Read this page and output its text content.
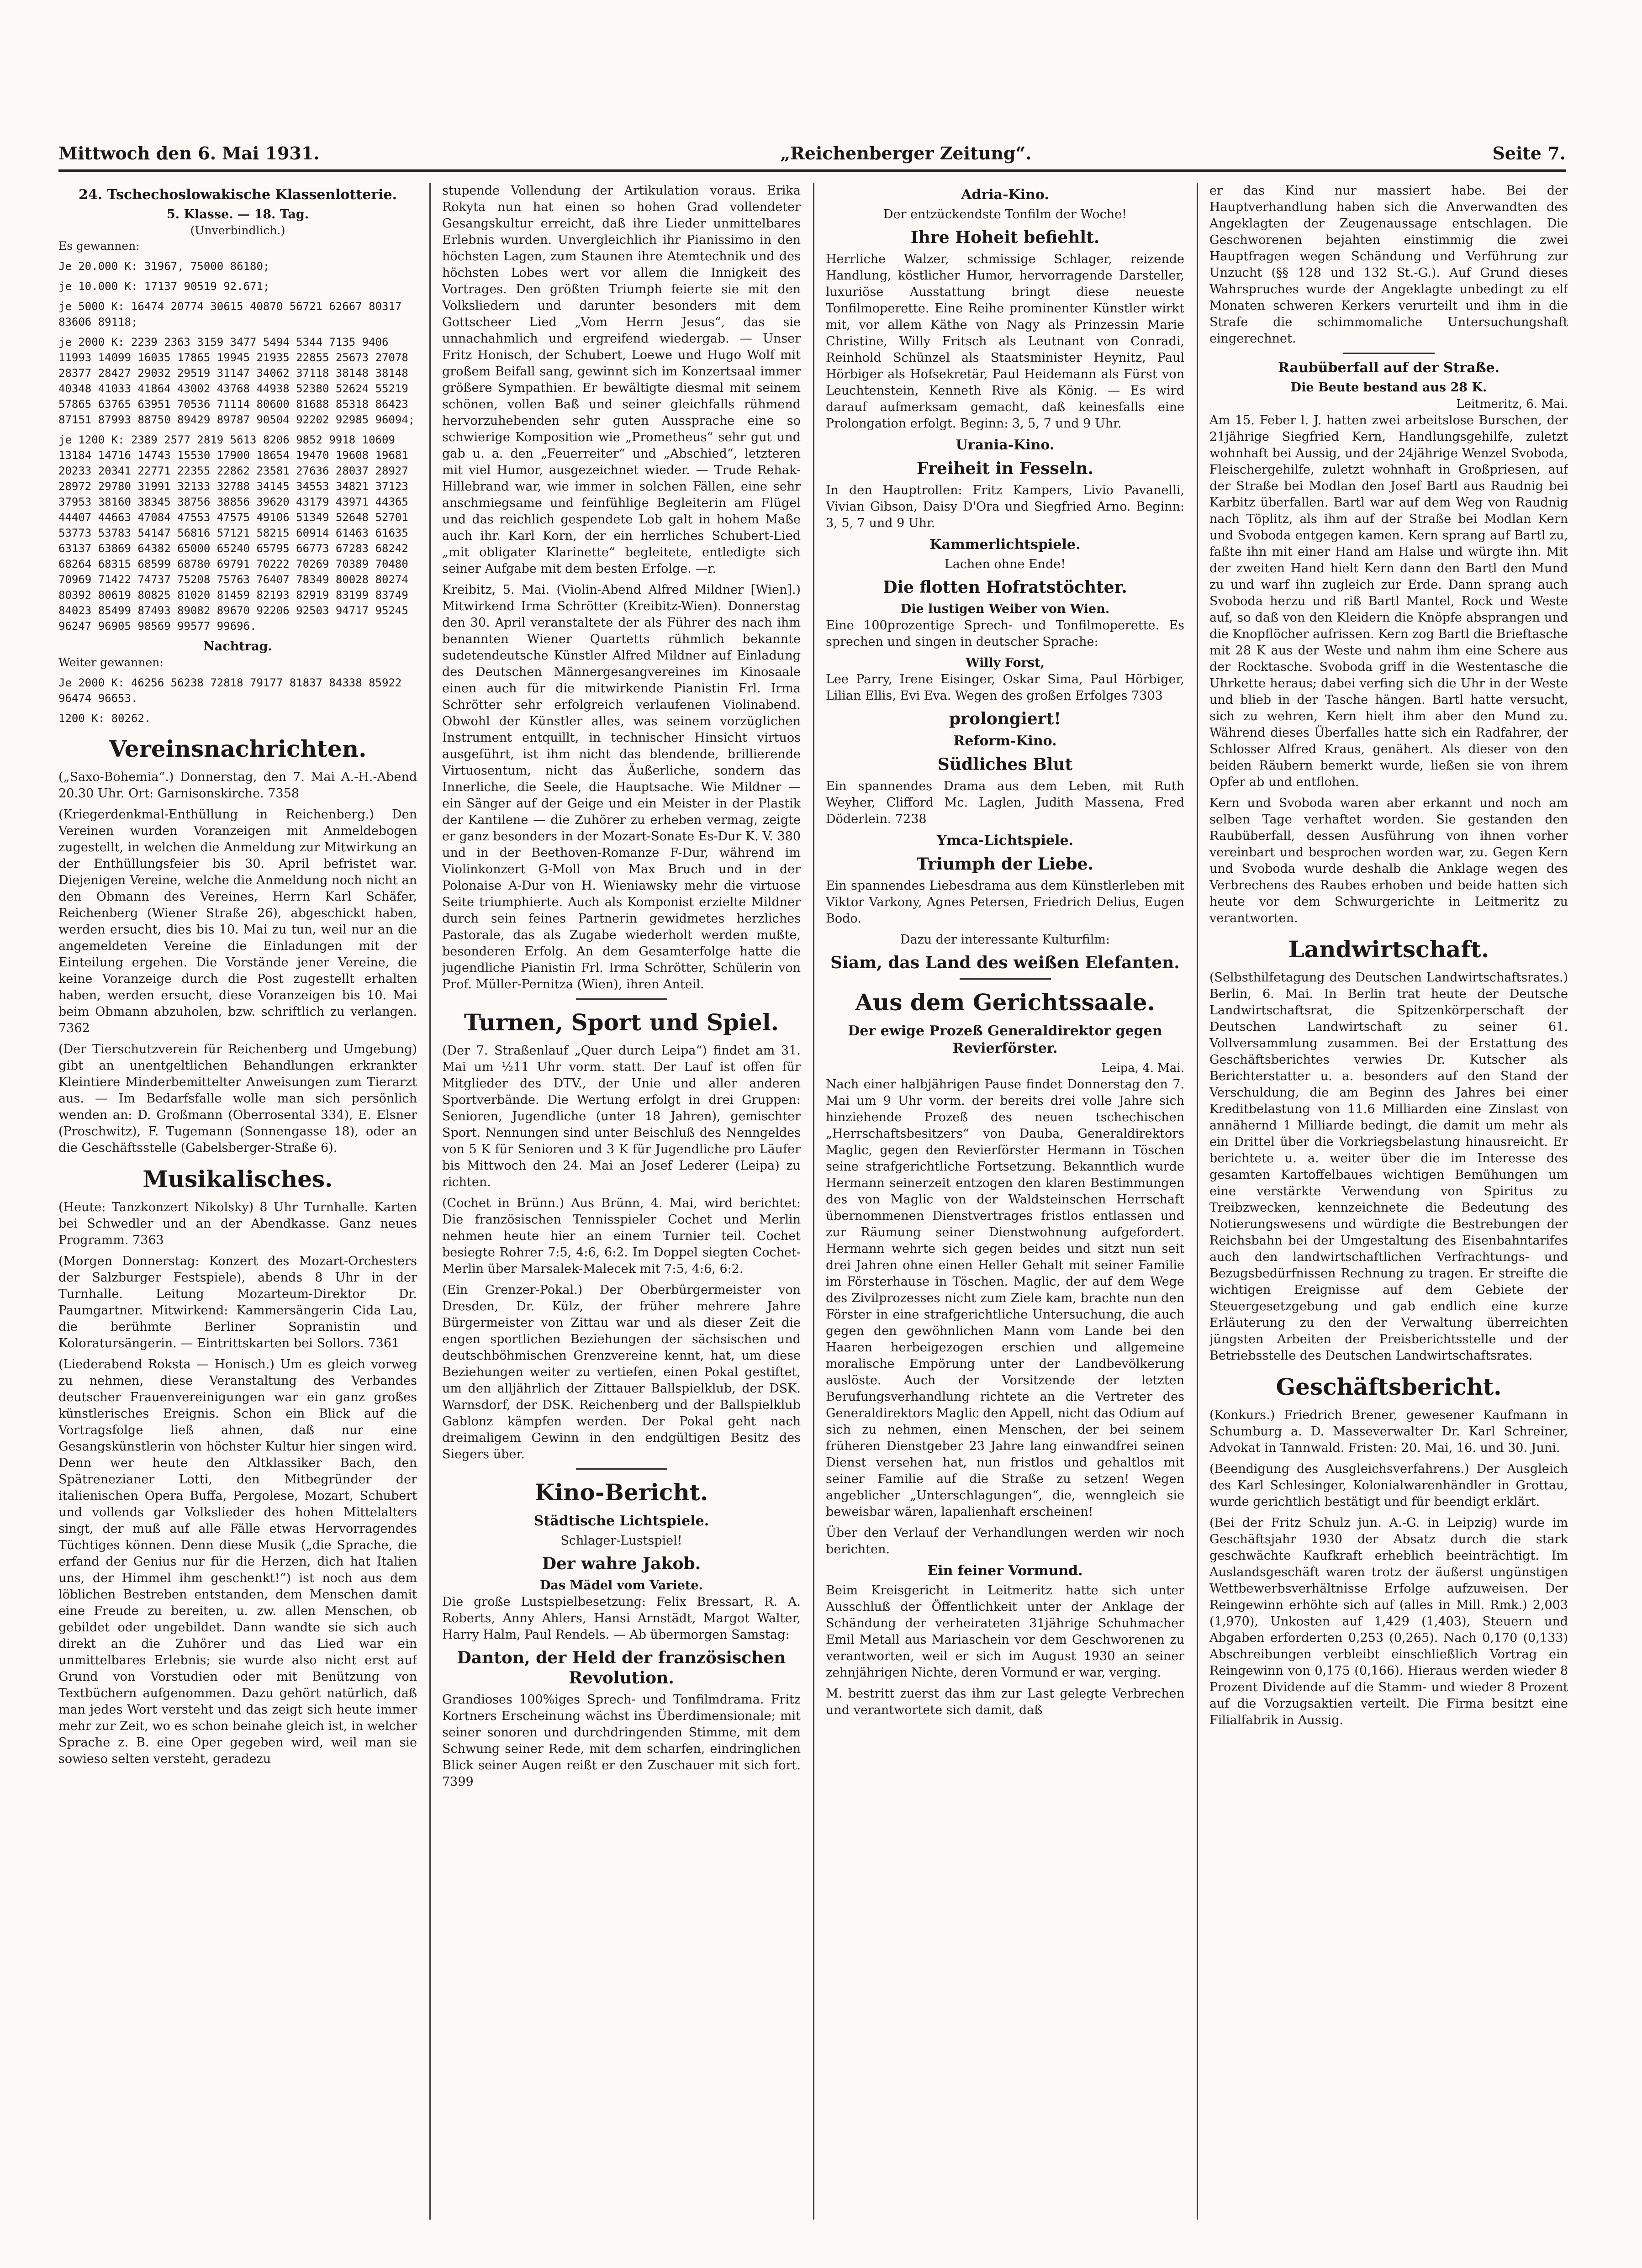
Mittwoch den 6. Mai 1931.	„Reichenberger Zeitung“.	Seite 7.
24. Tschechoslowakische Klassenlotterie.
5. Klasse. — 18. Tag.
(Unverbindlich.)

Es gewannen:

Je 20.000 K: 31967, 75000 86180;

je 10.000 K: 17137 90519 92.671;

je 5000 K: 16474 20774 30615 40870 56721 62667 80317 83606 89118;

je 2000 K: 2239 2363 3159 3477 5494 5344 7135 9406 11993 14099 16035 17865 19945 21935 22855 25673 27078 28377 28427 29032 29519 31147 34062 37118 38148 38148 40348 41033 41864 43002 43768 44938 52380 52624 55219 57865 63765 63951 70536 71114 80600 81688 85318 86423 87151 87993 88750 89429 89787 90504 92202 92985 96094;

je 1200 K: 2389 2577 2819 5613 8206 9852 9918 10609 13184 14716 14743 15530 17900 18654 19470 19608 19681 20233 20341 22771 22355 22862 23581 27636 28037 28927 28972 29780 31991 32133 32788 34145 34553 34821 37123 37953 38160 38345 38756 38856 39620 43179 43971 44365 44407 44663 47084 47553 47575 49106 51349 52648 52701 53773 53783 54147 56816 57121 58215 60914 61463 61635 63137 63869 64382 65000 65240 65795 66773 67283 68242 68264 68315 68599 68780 69791 70222 70269 70389 70480 70969 71422 74737 75208 75763 76407 78349 80028 80274 80392 80619 80825 81020 81459 82193 82919 83199 83749 84023 85499 87493 89082 89670 92206 92503 94717 95245 96247 96905 98569 99577 99696.

Nachtrag.

Weiter gewannen:

Je 2000 K: 46256 56238 72818 79177 81837 84338 85922 96474 96653.

1200 K: 80262.

Vereinsnachrichten.

(„Saxo-Bohemia“.) Donnerstag, den 7. Mai A.-H.-Abend 20.30 Uhr. Ort: Garnisonskirche. 7358

(Kriegerdenkmal-Enthüllung in Reichenberg.) Den Vereinen wurden Voranzeigen mit Anmeldebogen zugestellt, in welchen die Anmeldung zur Mitwirkung an der Enthüllungsfeier bis 30. April befristet war. Diejenigen Vereine, welche die Anmeldung noch nicht an den Obmann des Vereines, Herrn Karl Schäfer, Reichenberg (Wiener Straße 26), abgeschickt haben, werden ersucht, dies bis 10. Mai zu tun, weil nur an die angemeldeten Vereine die Einladungen mit der Einteilung ergehen. Die Vorstände jener Vereine, die keine Voranzeige durch die Post zugestellt erhalten haben, werden ersucht, diese Voranzeigen bis 10. Mai beim Obmann abzuholen, bzw. schriftlich zu verlangen. 7362

(Der Tierschutzverein für Reichenberg und Umgebung) gibt an unentgeltlichen Behandlungen erkrankter Kleintiere Minderbemittelter Anweisungen zum Tierarzt aus. — Im Bedarfsfalle wolle man sich persönlich wenden an: D. Großmann (Oberrosental 334), E. Elsner (Proschwitz), F. Tugemann (Sonnengasse 18), oder an die Geschäftsstelle (Gabelsberger-Straße 6).

Musikalisches.

(Heute: Tanzkonzert Nikolsky) 8 Uhr Turnhalle. Karten bei Schwedler und an der Abendkasse. Ganz neues Programm. 7363

(Morgen Donnerstag: Konzert des Mozart-Orchesters der Salzburger Festspiele), abends 8 Uhr in der Turnhalle. Leitung Mozarteum-Direktor Dr. Paumgartner. Mitwirkend: Kammersängerin Cida Lau, die berühmte Berliner Sopranistin und Koloratursängerin. — Eintrittskarten bei Sollors. 7361

(Liederabend Roksta — Honisch.) Um es gleich vorweg zu nehmen, diese Veranstaltung des Verbandes deutscher Frauenvereinigungen war ein ganz großes künstlerisches Ereignis. Schon ein Blick auf die Vortragsfolge ließ ahnen, daß nur eine Gesangskünstlerin von höchster Kultur hier singen wird. Denn wer heute den Altklassiker Bach, den Spätrenezianer Lotti, den Mitbegründer der italienischen Opera Buffa, Pergolese, Mozart, Schubert und vollends gar Volkslieder des hohen Mittelalters singt, der muß auf alle Fälle etwas Hervorragendes Tüchtiges können. Denn diese Musik („die Sprache, die erfand der Genius nur für die Herzen, dich hat Italien uns, der Himmel ihm geschenkt!“) ist noch aus dem löblichen Bestreben entstanden, dem Menschen damit eine Freude zu bereiten, u. zw. allen Menschen, ob gebildet oder ungebildet. Dann wandte sie sich auch direkt an die Zuhörer und das Lied war ein unmittelbares Erlebnis; sie wurde also nicht erst auf Grund von Vorstudien oder mit Benützung von Textbüchern aufgenommen. Dazu gehört natürlich, daß man jedes Wort versteht und das zeigt sich heute immer mehr zur Zeit, wo es schon beinahe gleich ist, in welcher Sprache z. B. eine Oper gegeben wird, weil man sie sowieso selten versteht, geradezu

stupende Vollendung der Artikulation voraus. Erika Rokyta nun hat einen so hohen Grad vollendeter Gesangskultur erreicht, daß ihre Lieder unmittelbares Erlebnis wurden. Unvergleichlich ihr Pianissimo in den höchsten Lagen, zum Staunen ihre Atemtechnik und des höchsten Lobes wert vor allem die Innigkeit des Vortrages. Den größten Triumph feierte sie mit den Volksliedern und darunter besonders mit dem Gottscheer Lied „Vom Herrn Jesus“, das sie unnachahmlich und ergreifend wiedergab. — Unser Fritz Honisch, der Schubert, Loewe und Hugo Wolf mit großem Beifall sang, gewinnt sich im Konzertsaal immer größere Sympathien. Er bewältigte diesmal mit seinem schönen, vollen Baß und seiner gleichfalls rühmend hervorzuhebenden sehr guten Aussprache eine so schwierige Komposition wie „Prometheus“ sehr gut und gab u. a. den „Feuerreiter“ und „Abschied“, letzteren mit viel Humor, ausgezeichnet wieder. — Trude Rehak-Hillebrand war, wie immer in solchen Fällen, eine sehr anschmiegsame und feinfühlige Begleiterin am Flügel und das reichlich gespendete Lob galt in hohem Maße auch ihr. Karl Korn, der ein herrliches Schubert-Lied „mit obligater Klarinette“ begleitete, entledigte sich seiner Aufgabe mit dem besten Erfolge. —r.

Kreibitz, 5. Mai. (Violin-Abend Alfred Mildner [Wien].) Mitwirkend Irma Schrötter (Kreibitz-Wien). Donnerstag den 30. April veranstaltete der als Führer des nach ihm benannten Wiener Quartetts rühmlich bekannte sudetendeutsche Künstler Alfred Mildner auf Einladung des Deutschen Männergesangvereines im Kinosaale einen auch für die mitwirkende Pianistin Frl. Irma Schrötter sehr erfolgreich verlaufenen Violinabend. Obwohl der Künstler alles, was seinem vorzüglichen Instrument entquillt, in technischer Hinsicht virtuos ausgeführt, ist ihm nicht das blendende, brillierende Virtuosentum, nicht das Äußerliche, sondern das Innerliche, die Seele, die Hauptsache. Wie Mildner — ein Sänger auf der Geige und ein Meister in der Plastik der Kantilene — die Zuhörer zu erheben vermag, zeigte er ganz besonders in der Mozart-Sonate Es-Dur K. V. 380 und in der Beethoven-Romanze F-Dur, während im Violinkonzert G-Moll von Max Bruch und in der Polonaise A-Dur von H. Wieniawsky mehr die virtuose Seite triumphierte. Auch als Komponist erzielte Mildner durch sein feines Partnerin gewidmetes herzliches Pastorale, das als Zugabe wiederholt werden mußte, besonderen Erfolg. An dem Gesamterfolge hatte die jugendliche Pianistin Frl. Irma Schrötter, Schülerin von Prof. Müller-Pernitza (Wien), ihren Anteil.

Turnen, Sport und Spiel.

(Der 7. Straßenlauf „Quer durch Leipa“) findet am 31. Mai um ½11 Uhr vorm. statt. Der Lauf ist offen für Mitglieder des DTV., der Unie und aller anderen Sportverbände. Die Wertung erfolgt in drei Gruppen: Senioren, Jugendliche (unter 18 Jahren), gemischter Sport. Nennungen sind unter Beischluß des Nenngeldes von 5 K für Senioren und 3 K für Jugendliche pro Läufer bis Mittwoch den 24. Mai an Josef Lederer (Leipa) zu richten.

(Cochet in Brünn.) Aus Brünn, 4. Mai, wird berichtet: Die französischen Tennisspieler Cochet und Merlin nehmen heute hier an einem Turnier teil. Cochet besiegte Rohrer 7:5, 4:6, 6:2. Im Doppel siegten Cochet-Merlin über Marsalek-Malecek mit 7:5, 4:6, 6:2.

(Ein Grenzer-Pokal.) Der Oberbürgermeister von Dresden, Dr. Külz, der früher mehrere Jahre Bürgermeister von Zittau war und als dieser Zeit die engen sportlichen Beziehungen der sächsischen und deutschböhmischen Grenzvereine kennt, hat, um diese Beziehungen weiter zu vertiefen, einen Pokal gestiftet, um den alljährlich der Zittauer Ballspielklub, der DSK. Warnsdorf, der DSK. Reichenberg und der Ballspielklub Gablonz kämpfen werden. Der Pokal geht nach dreimaligem Gewinn in den endgültigen Besitz des Siegers über.

Kino-Bericht.
Städtische Lichtspiele.
Schlager-Lustspiel!
Der wahre Jakob.
Das Mädel vom Variete.

Die große Lustspielbesetzung: Felix Bressart, R. A. Roberts, Anny Ahlers, Hansi Arnstädt, Margot Walter, Harry Halm, Paul Rendels. — Ab übermorgen Samstag:

Danton, der Held der französischen Revolution.

Grandioses 100%iges Sprech- und Tonfilmdrama. Fritz Kortners Erscheinung wächst ins Überdimensionale; mit seiner sonoren und durchdringenden Stimme, mit dem Schwung seiner Rede, mit dem scharfen, eindringlichen Blick seiner Augen reißt er den Zuschauer mit sich fort. 7399

Adria-Kino.
Der entzückendste Tonfilm der Woche!
Ihre Hoheit befiehlt.

Herrliche Walzer, schmissige Schlager, reizende Handlung, köstlicher Humor, hervorragende Darsteller, luxuriöse Ausstattung bringt diese neueste Tonfilmoperette. Eine Reihe prominenter Künstler wirkt mit, vor allem Käthe von Nagy als Prinzessin Marie Christine, Willy Fritsch als Leutnant von Conradi, Reinhold Schünzel als Staatsminister Heynitz, Paul Hörbiger als Hofsekretär, Paul Heidemann als Fürst von Leuchtenstein, Kenneth Rive als König. — Es wird darauf aufmerksam gemacht, daß keinesfalls eine Prolongation erfolgt. Beginn: 3, 5, 7 und 9 Uhr.

Urania-Kino.
Freiheit in Fesseln.

In den Hauptrollen: Fritz Kampers, Livio Pavanelli, Vivian Gibson, Daisy D'Ora und Siegfried Arno. Beginn: 3, 5, 7 und 9 Uhr.

Kammerlichtspiele.
Lachen ohne Ende!
Die flotten Hofratstöchter.
Die lustigen Weiber von Wien.

Eine 100prozentige Sprech- und Tonfilmoperette. Es sprechen und singen in deutscher Sprache:

Willy Forst,

Lee Parry, Irene Eisinger, Oskar Sima, Paul Hörbiger, Lilian Ellis, Evi Eva. Wegen des großen Erfolges 7303

prolongiert!
Reform-Kino.
Südliches Blut

Ein spannendes Drama aus dem Leben, mit Ruth Weyher, Clifford Mc. Laglen, Judith Massena, Fred Döderlein. 7238

Ymca-Lichtspiele.
Triumph der Liebe.

Ein spannendes Liebesdrama aus dem Künstlerleben mit Viktor Varkony, Agnes Petersen, Friedrich Delius, Eugen Bodo.

Dazu der interessante Kulturfilm:
Siam, das Land des weißen Elefanten.
Aus dem Gerichtssaale.
Der ewige Prozeß Generaldirektor gegen Revierförster.
Leipa, 4. Mai.

Nach einer halbjährigen Pause findet Donnerstag den 7. Mai um 9 Uhr vorm. der bereits drei volle Jahre sich hinziehende Prozeß des neuen tschechischen „Herrschaftsbesitzers“ von Dauba, Generaldirektors Maglic, gegen den Revierförster Hermann in Töschen seine strafgerichtliche Fortsetzung. Bekanntlich wurde Hermann seinerzeit entzogen den klaren Bestimmungen des von Maglic von der Waldsteinschen Herrschaft übernommenen Dienstvertrages fristlos entlassen und zur Räumung seiner Dienstwohnung aufgefordert. Hermann wehrte sich gegen beides und sitzt nun seit drei Jahren ohne einen Heller Gehalt mit seiner Familie im Försterhause in Töschen. Maglic, der auf dem Wege des Zivilprozesses nicht zum Ziele kam, brachte nun den Förster in eine strafgerichtliche Untersuchung, die auch gegen den gewöhnlichen Mann vom Lande bei den Haaren herbeigezogen erschien und allgemeine moralische Empörung unter der Landbevölkerung auslöste. Auch der Vorsitzende der letzten Berufungsverhandlung richtete an die Vertreter des Generaldirektors Maglic den Appell, nicht das Odium auf sich zu nehmen, einen Menschen, der bei seinem früheren Dienstgeber 23 Jahre lang einwandfrei seinen Dienst versehen hat, nun fristlos und gehaltlos mit seiner Familie auf die Straße zu setzen! Wegen angeblicher „Unterschlagungen“, die, wenngleich sie beweisbar wären, lapalienhaft erscheinen!

Über den Verlauf der Verhandlungen werden wir noch berichten.

Ein feiner Vormund.

Beim Kreisgericht in Leitmeritz hatte sich unter Ausschluß der Öffentlichkeit unter der Anklage der Schändung der verheirateten 31jährige Schuhmacher Emil Metall aus Mariaschein vor dem Geschworenen zu verantworten, weil er sich im August 1930 an seiner zehnjährigen Nichte, deren Vormund er war, verging.

M. bestritt zuerst das ihm zur Last gelegte Verbrechen und verantwortete sich damit, daß

er das Kind nur massiert habe. Bei der Hauptverhandlung haben sich die Anverwandten des Angeklagten der Zeugenaussage entschlagen. Die Geschworenen bejahten einstimmig die zwei Hauptfragen wegen Schändung und Verführung zur Unzucht (§§ 128 und 132 St.-G.). Auf Grund dieses Wahrspruches wurde der Angeklagte unbedingt zu elf Monaten schweren Kerkers verurteilt und ihm in die Strafe die schimmomaliche Untersuchungshaft eingerechnet.

Raubüberfall auf der Straße.
Die Beute bestand aus 28 K.
Leitmeritz, 6. Mai.

Am 15. Feber l. J. hatten zwei arbeitslose Burschen, der 21jährige Siegfried Kern, Handlungsgehilfe, zuletzt wohnhaft bei Aussig, und der 24jährige Wenzel Svoboda, Fleischergehilfe, zuletzt wohnhaft in Großpriesen, auf der Straße bei Modlan den Josef Bartl aus Raudnig bei Karbitz überfallen. Bartl war auf dem Weg von Raudnig nach Töplitz, als ihm auf der Straße bei Modlan Kern und Svoboda entgegen kamen. Kern sprang auf Bartl zu, faßte ihn mit einer Hand am Halse und würgte ihn. Mit der zweiten Hand hielt Kern dann den Bartl den Mund zu und warf ihn zugleich zur Erde. Dann sprang auch Svoboda herzu und riß Bartl Mantel, Rock und Weste auf, so daß von den Kleidern die Knöpfe absprangen und die Knopflöcher aufrissen. Kern zog Bartl die Brieftasche mit 28 K aus der Weste und nahm ihm eine Schere aus der Rocktasche. Svoboda griff in die Westentasche die Uhrkette heraus; dabei verfing sich die Uhr in der Weste und blieb in der Tasche hängen. Bartl hatte versucht, sich zu wehren, Kern hielt ihm aber den Mund zu. Während dieses Überfalles hatte sich ein Radfahrer, der Schlosser Alfred Kraus, genähert. Als dieser von den beiden Räubern bemerkt wurde, ließen sie von ihrem Opfer ab und entflohen.

Kern und Svoboda waren aber erkannt und noch am selben Tage verhaftet worden. Sie gestanden den Raubüberfall, dessen Ausführung von ihnen vorher vereinbart und besprochen worden war, zu. Gegen Kern und Svoboda wurde deshalb die Anklage wegen des Verbrechens des Raubes erhoben und beide hatten sich heute vor dem Schwurgerichte in Leitmeritz zu verantworten.

Landwirtschaft.

(Selbsthilfetagung des Deutschen Landwirtschaftsrates.) Berlin, 6. Mai. In Berlin trat heute der Deutsche Landwirtschaftsrat, die Spitzenkörperschaft der Deutschen Landwirtschaft zu seiner 61. Vollversammlung zusammen. Bei der Erstattung des Geschäftsberichtes verwies Dr. Kutscher als Berichterstatter u. a. besonders auf den Stand der Verschuldung, die am Beginn des Jahres bei einer Kreditbelastung von 11.6 Milliarden eine Zinslast von annähernd 1 Milliarde bedingt, die damit um mehr als ein Drittel über die Vorkriegsbelastung hinausreicht. Er berichtete u. a. weiter über die im Interesse des gesamten Kartoffelbaues wichtigen Bemühungen um eine verstärkte Verwendung von Spiritus zu Treibzwecken, kennzeichnete die Bedeutung des Notierungswesens und würdigte die Bestrebungen der Reichsbahn bei der Umgestaltung des Eisenbahntarifes auch den landwirtschaftlichen Verfrachtungs- und Bezugsbedürfnissen Rechnung zu tragen. Er streifte die wichtigen Ereignisse auf dem Gebiete der Steuergesetzgebung und gab endlich eine kurze Erläuterung zu den der Verwaltung überreichten jüngsten Arbeiten der Preisberichtsstelle und der Betriebsstelle des Deutschen Landwirtschaftsrates.

Geschäftsbericht.

(Konkurs.) Friedrich Brener, gewesener Kaufmann in Schumburg a. D. Masseverwalter Dr. Karl Schreiner, Advokat in Tannwald. Fristen: 20. Mai, 16. und 30. Juni.

(Beendigung des Ausgleichsverfahrens.) Der Ausgleich des Karl Schlesinger, Kolonialwarenhändler in Grottau, wurde gerichtlich bestätigt und für beendigt erklärt.

(Bei der Fritz Schulz jun. A.-G. in Leipzig) wurde im Geschäftsjahr 1930 der Absatz durch die stark geschwächte Kaufkraft erheblich beeinträchtigt. Im Auslandsgeschäft waren trotz der äußerst ungünstigen Wettbewerbsverhältnisse Erfolge aufzuweisen. Der Reingewinn erhöhte sich auf (alles in Mill. Rmk.) 2,003 (1,970), Unkosten auf 1,429 (1,403), Steuern und Abgaben erforderten 0,253 (0,265). Nach 0,170 (0,133) Abschreibungen verbleibt einschließlich Vortrag ein Reingewinn von 0,175 (0,166). Hieraus werden wieder 8 Prozent Dividende auf die Stamm- und wieder 8 Prozent auf die Vorzugsaktien verteilt. Die Firma besitzt eine Filialfabrik in Aussig.
